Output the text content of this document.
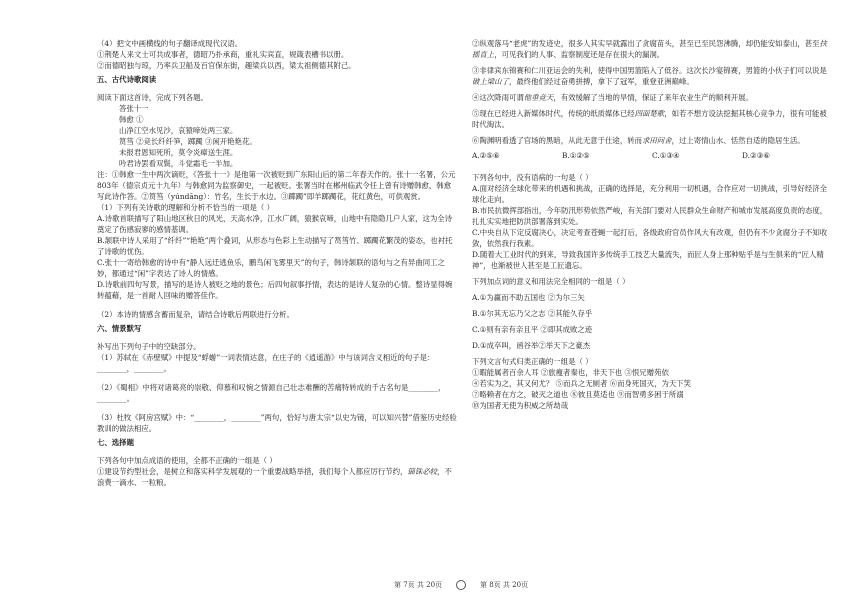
（4）把文中画横线的句子翻译成现代汉语。
①荆楚人来文士可共成事者，德昭乃扑承商，重礼实宾直，规箴表槽书以册。
②而德昭独与琼，乃率兵卫船及百官保东街，趣梁兵以西，梁太祖侧德其附己。
五、古代诗歌阅读
阅读下面这首诗，完成下列各题。
答张十一
韩愈 ①
山净江空水见沙，哀猿啼处两三家。
筼筜 ②竞长纤纤笋，踯躅 ③闲开艳艳花。
未报君恩知死所，莫令炎瘴送生涯。
吟君诗罢看双鬓，斗觉霜毛一半加。
注：①韩愈一生中两次谪贬，《答张十一》是他第一次被贬到广东阳山后的第二年春天作的。张十一名署，公元803年（德宗贞元十九年）与韩愈同为监察御史，一起被贬。张署当时在郴州临武令任上曾有诗赠韩愈，韩愈写此诗作答。②筼筜（yúndāng）：竹名，生长于水边。③踯躅”即羊踯躅花，花红黄色，可供观赏。
（1）下列有关诗歌的理解和分析不恰当的一项是（ ）
A.诗歌首联描写了阳山地区秋日的风光，天高水净，江水广阔，猿猴哀啼，山地中有隐隐几户人家，这为全诗奠定了伤感寂寥的感情基调。
B.颔联中诗人采用了“纤纤”“艳艳”两个叠词，从形态与色彩上生动描写了筼筜竹、踯躅花繁茂的姿态，也衬托了诗歌的忧伤。
C.张十一寄给韩愈的诗中有“静人远迁逃鱼乐，鹏鸟闲飞雾里天”的句子，韩诗颔联的语句与之有异曲同工之妙，都通过“闲”字表达了诗人的情感。
D.诗歌前四句写景，描写的是诗人被贬之地的景色；后四句叙事抒情，表达的是诗人复杂的心情。整诗显得婉转蕴藉，是一首耐人回味的赠答佳作。
（2）本诗的情感含蓄而复杂，请结合诗歌后两联进行分析。
六、情景默写
补写出下列句子中的空缺部分。
（1）苏轼在《赤壁赋》中提及“蜉蝣”一词表情达意，在庄子的《逍遥游》中与该词含义相近的句子是：________，________。
（2）《蜀相》中将对诸葛亮的崇敬、仰慕和叹惋之情源自己壮志难酬的苦痛特转成的千古名句是________，________。
（3）杜牧《阿房宫赋》中：“________，________”两句，恰好与唐太宗“以史为镜，可以知兴替”借鉴历史经验教训的做法相应。
七、选择题
下列各句中加点成语的使用，全都不正确的一组是（ ）
①建设节约型社会，是树立和落实科学发展观的一个重要战略举措，我们每个人都应厉行节约，锱铢必较，不浪费一滴水、一粒粮。
②纵观落马“老虎”的发迹史，很多人其实早就露出了贪腐苗头，甚至已至民怨沸腾，却仍能安如泰山，甚至扶摇直上，可见我们的人事、监察制度还是存在很大的漏洞。
③非律宾东锦赛和仁川亚运会的失利，使得中国男篮陷入了低谷。这次长沙宴锦赛，男篮的小伙子们可以说是破上梁山了，最终他们经过奋勇拼搏，拿下了冠军，重登亚洲巅峰。
④这次降雨可谓他垂竞天，有效缓解了当地的旱情，保证了来年农业生产的顺利开展。
⑤现在已经进入新媒体时代，传统的纸质媒体已经四面楚歌，如若不想方设法挖掘其核心竞争力，很有可能被时代淘汰。
⑥陶渊明看透了官场的黑暗，从此无意于仕途，转而求田问舍，过上寄情山水、恬然自适的隐居生活。
A.②⑤⑥	B.①②⑤	C.①③④	D.②③⑥
下列各句中，没有语病的一句是（ ）
A.面对经济全球化带来的机遇和挑战，正确的选择是，充分利用一切机遇，合作应对一切挑战，引导好经济全球化走向。
B.市民抗微挥部指出，今年防汛形势依然严峻，有关部门要对人民群众生命财产和城市发展高度负责的态度，扎扎实实地把防洪部署落到实处。
C.中央自从下定反腐决心，决定考查苍蝇一起打后，各级政府官员作风大有改观，但仍有不少贪腐分子不知收敛，依然我行我素。
D.随着大工业时代的到来，导致我国许多传统手工技艺大量流失，而匠人身上那种贴乎是与生俱来的“匠人精神”，也渐被世人甚至是工匠遗忘。
下列加点词的意义和用法完全相同的一组是（ ）
A.①为赢而不助五国也 ②为尔三矢
B.①尔其无忘乃父之志 ②其能久存乎
C.①则有亲有亲且平 ②即其成败之迹
D.①成卒叫，函谷举②举天下之豪杰
下列文言句式归类正确的一组是（ ）
①暇能属者百余人耳 ②旅瘦者秦也，非天下也 ③恨兄赠苑依
④若实为之，其又何尤？ ⑤而兵之无厕者 ⑥而身死国灭，为天下笑
⑦略赖者在方之，破灭之道也 ⑧彼且莫适也 ⑨而智勇多困于所溺
⑩为国者无使为积威之所劫哉
第 7页 共 20页	第 8页 共 20页
